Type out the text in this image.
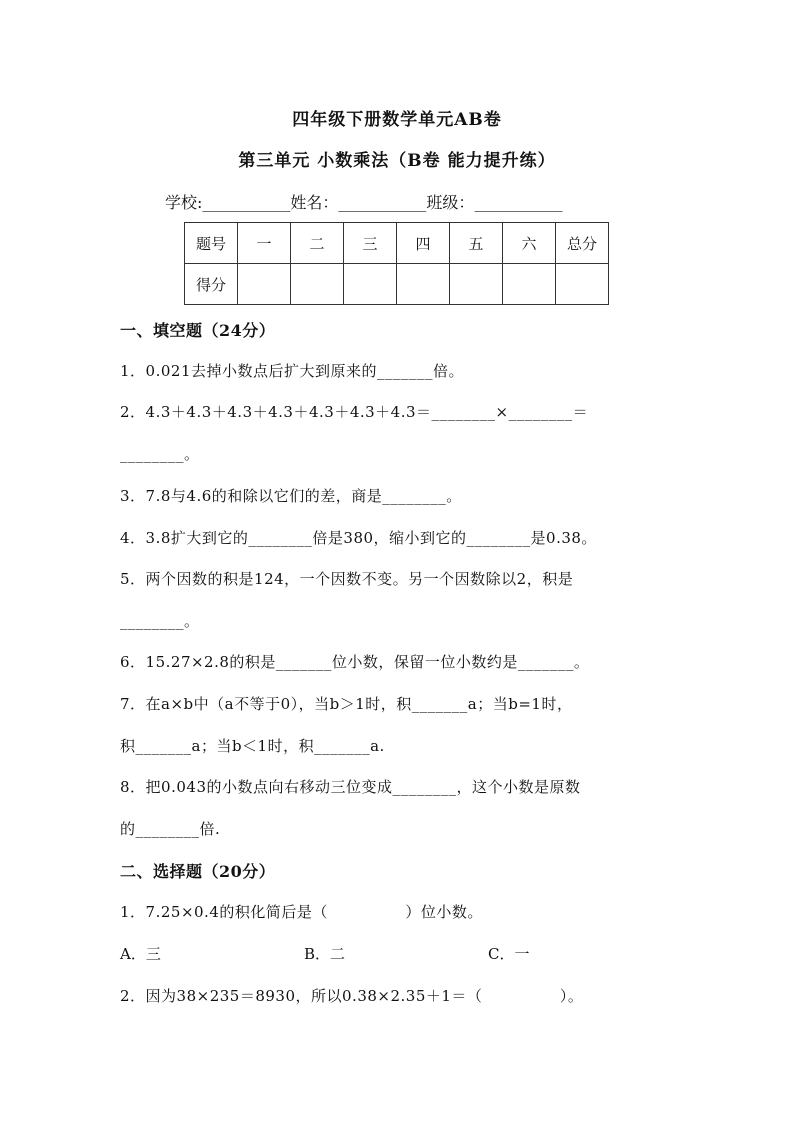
四年级下册数学单元AB卷
第三单元 小数乘法（B卷 能力提升练）
学校:___________姓名：___________班级：___________
题号	一	二	三	四	五	六	总分
得分							
一、填空题（24分）
1．0.021去掉小数点后扩大到原来的_______倍。
2．4.3＋4.3＋4.3＋4.3＋4.3＋4.3＋4.3＝________×________＝
________。
3．7.8与4.6的和除以它们的差，商是________。
4．3.8扩大到它的________倍是380，缩小到它的________是0.38。
5．两个因数的积是124，一个因数不变。另一个因数除以2，积是
________。
6．15.27×2.8的积是_______位小数，保留一位小数约是_______。
7．在a×b中（a不等于0），当b＞1时，积_______a；当b=1时，
积_______a；当b＜1时，积_______a.
8．把0.043的小数点向右移动三位变成________，这个小数是原数
的________倍.
二、选择题（20分）
1．7.25×0.4的积化简后是（　　　　　）位小数。
A．三	B．二	C．一
2．因为38×235＝8930，所以0.38×2.35＋1＝（　　　　　）。
